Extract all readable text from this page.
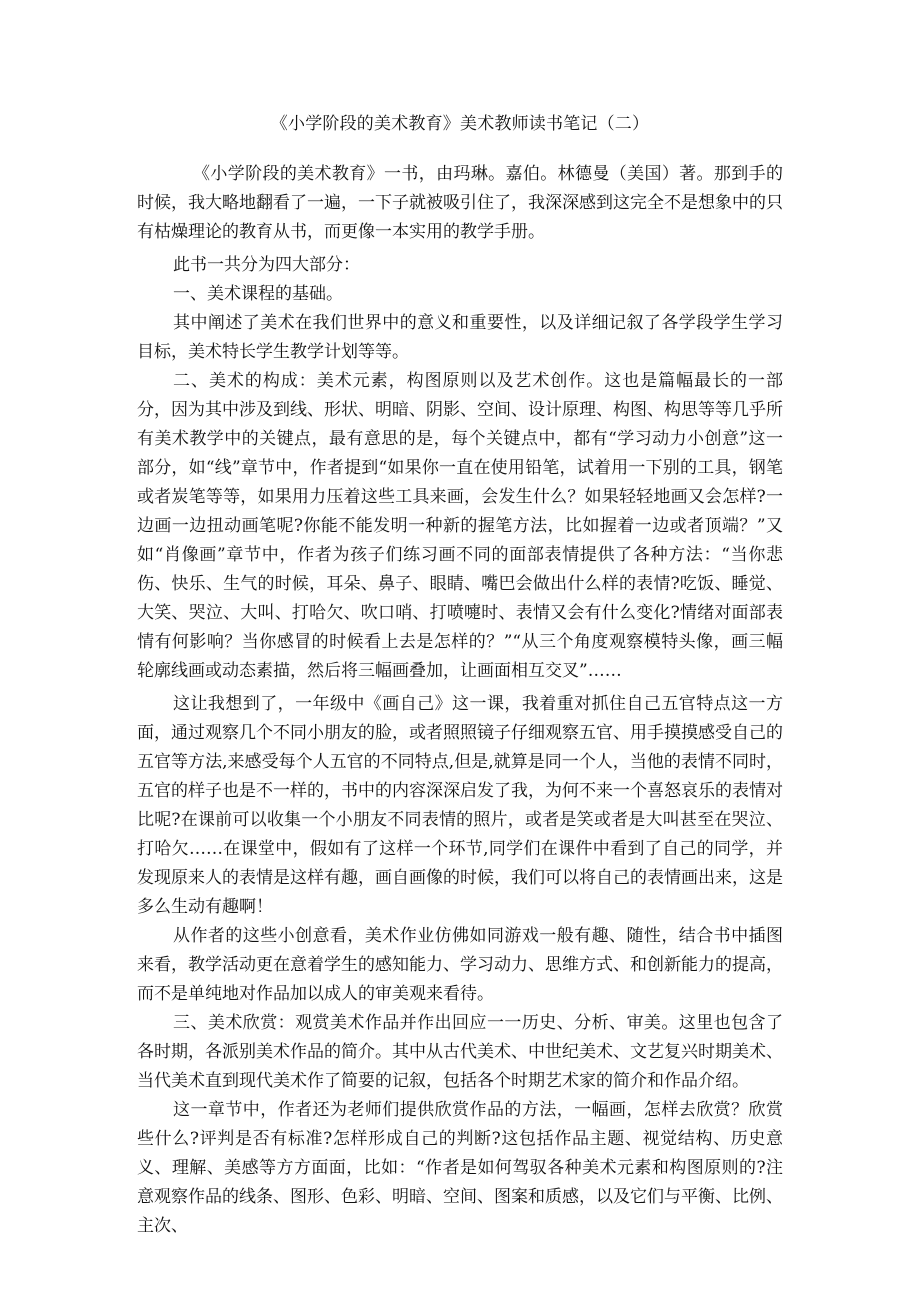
《小学阶段的美术教育》美术教师读书笔记（二）

《小学阶段的美术教育》一书，由玛琳。嘉伯。林德曼（美国）著。那到手的时候，我大略地翻看了一遍，一下子就被吸引住了，我深深感到这完全不是想象中的只有枯燥理论的教育从书，而更像一本实用的教学手册。

此书一共分为四大部分：

一、美术课程的基础。

其中阐述了美术在我们世界中的意义和重要性，以及详细记叙了各学段学生学习目标，美术特长学生教学计划等等。

二、美术的构成：美术元素，构图原则以及艺术创作。这也是篇幅最长的一部分，因为其中涉及到线、形状、明暗、阴影、空间、设计原理、构图、构思等等几乎所有美术教学中的关键点，最有意思的是，每个关键点中，都有“学习动力小创意”这一部分，如“线”章节中，作者提到“如果你一直在使用铅笔，试着用一下别的工具，钢笔或者炭笔等等，如果用力压着这些工具来画，会发生什么？如果轻轻地画又会怎样?一边画一边扭动画笔呢?你能不能发明一种新的握笔方法，比如握着一边或者顶端？”又如“肖像画”章节中，作者为孩子们练习画不同的面部表情提供了各种方法：“当你悲伤、快乐、生气的时候，耳朵、鼻子、眼睛、嘴巴会做出什么样的表情?吃饭、睡觉、大笑、哭泣、大叫、打哈欠、吹口哨、打喷嚏时、表情又会有什么变化?情绪对面部表情有何影响？当你感冒的时候看上去是怎样的？”“从三个角度观察模特头像，画三幅轮廓线画或动态素描，然后将三幅画叠加，让画面相互交叉”……

这让我想到了，一年级中《画自己》这一课，我着重对抓住自己五官特点这一方面，通过观察几个不同小朋友的脸，或者照照镜子仔细观察五官、用手摸摸感受自己的五官等方法,来感受每个人五官的不同特点,但是,就算是同一个人，当他的表情不同时，五官的样子也是不一样的，书中的内容深深启发了我，为何不来一个喜怒哀乐的表情对比呢?在课前可以收集一个小朋友不同表情的照片，或者是笑或者是大叫甚至在哭泣、打哈欠……在课堂中，假如有了这样一个环节,同学们在课件中看到了自己的同学，并发现原来人的表情是这样有趣，画自画像的时候，我们可以将自己的表情画出来，这是多么生动有趣啊！

从作者的这些小创意看，美术作业仿佛如同游戏一般有趣、随性，结合书中插图来看，教学活动更在意着学生的感知能力、学习动力、思维方式、和创新能力的提高，而不是单纯地对作品加以成人的审美观来看待。

三、美术欣赏：观赏美术作品并作出回应一一历史、分析、审美。这里也包含了各时期，各派别美术作品的简介。其中从古代美术、中世纪美术、文艺复兴时期美术、当代美术直到现代美术作了简要的记叙，包括各个时期艺术家的简介和作品介绍。

这一章节中，作者还为老师们提供欣赏作品的方法，一幅画，怎样去欣赏？欣赏些什么?评判是否有标准?怎样形成自己的判断?这包括作品主题、视觉结构、历史意义、理解、美感等方方面面，比如：“作者是如何驾驭各种美术元素和构图原则的?注意观察作品的线条、图形、色彩、明暗、空间、图案和质感，以及它们与平衡、比例、主次、
